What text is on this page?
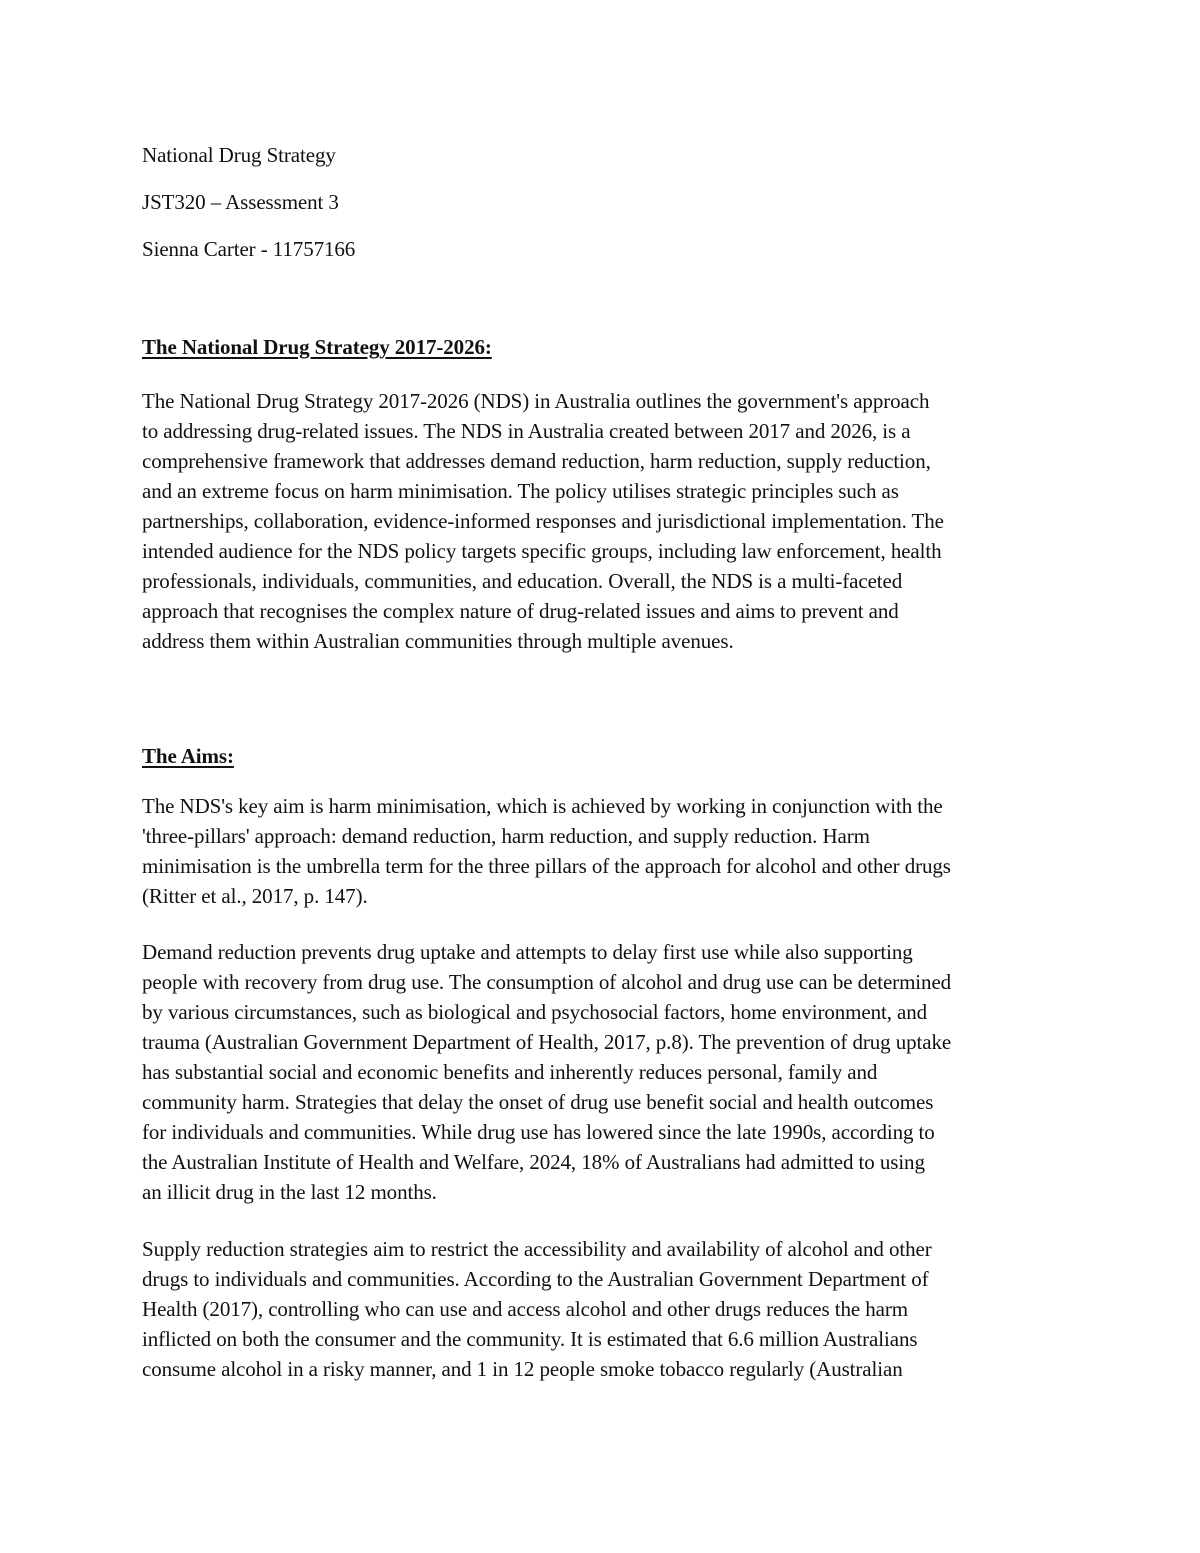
National Drug Strategy
JST320 – Assessment 3
Sienna Carter - 11757166
The National Drug Strategy 2017-2026:
The National Drug Strategy 2017-2026 (NDS) in Australia outlines the government's approach
to addressing drug-related issues. The NDS in Australia created between 2017 and 2026, is a
comprehensive framework that addresses demand reduction, harm reduction, supply reduction,
and an extreme focus on harm minimisation. The policy utilises strategic principles such as
partnerships, collaboration, evidence-informed responses and jurisdictional implementation. The
intended audience for the NDS policy targets specific groups, including law enforcement, health
professionals, individuals, communities, and education. Overall, the NDS is a multi-faceted
approach that recognises the complex nature of drug-related issues and aims to prevent and
address them within Australian communities through multiple avenues.
The Aims:
The NDS's key aim is harm minimisation, which is achieved by working in conjunction with the
'three-pillars' approach: demand reduction, harm reduction, and supply reduction. Harm
minimisation is the umbrella term for the three pillars of the approach for alcohol and other drugs
(Ritter et al., 2017, p. 147).
Demand reduction prevents drug uptake and attempts to delay first use while also supporting
people with recovery from drug use. The consumption of alcohol and drug use can be determined
by various circumstances, such as biological and psychosocial factors, home environment, and
trauma (Australian Government Department of Health, 2017, p.8). The prevention of drug uptake
has substantial social and economic benefits and inherently reduces personal, family and
community harm. Strategies that delay the onset of drug use benefit social and health outcomes
for individuals and communities. While drug use has lowered since the late 1990s, according to
the Australian Institute of Health and Welfare, 2024, 18% of Australians had admitted to using
an illicit drug in the last 12 months.
Supply reduction strategies aim to restrict the accessibility and availability of alcohol and other
drugs to individuals and communities. According to the Australian Government Department of
Health (2017), controlling who can use and access alcohol and other drugs reduces the harm
inflicted on both the consumer and the community. It is estimated that 6.6 million Australians
consume alcohol in a risky manner, and 1 in 12 people smoke tobacco regularly (Australian
